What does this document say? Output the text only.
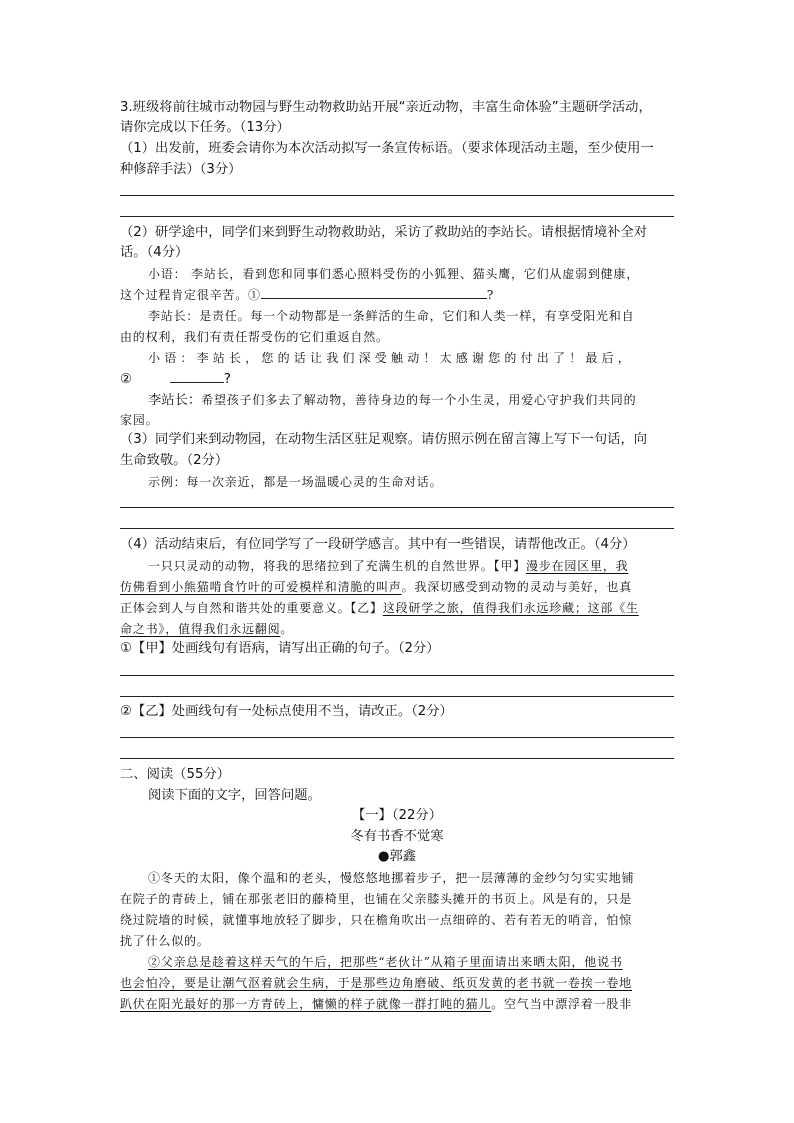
3.班级将前往城市动物园与野生动物救助站开展“亲近动物，丰富生命体验”主题研学活动，
请你完成以下任务。（13分）
（1）出发前，班委会请你为本次活动拟写一条宣传标语。（要求体现活动主题，至少使用一
种修辞手法）（3分）
（2）研学途中，同学们来到野生动物救助站，采访了救助站的李站长。请根据情境补全对
话。（4分）
小语： 李站长，看到您和同事们悉心照料受伤的小狐狸、猫头鹰，它们从虚弱到健康，
这个过程肯定很辛苦。①	?
李站长：是责任。每一个动物都是一条鲜活的生命，它们和人类一样，有享受阳光和自
由的权利，我们有责任帮受伤的它们重返自然。
小语：李站长，您的话让我们深受触动！太感谢您的付出了！最后，
②	?
李站长：希望孩子们多去了解动物，善待身边的每一个小生灵，用爱心守护我们共同的
家园。
（3）同学们来到动物园，在动物生活区驻足观察。请仿照示例在留言簿上写下一句话，向
生命致敬。（2分）
示例：每一次亲近，都是一场温暖心灵的生命对话。
（4）活动结束后，有位同学写了一段研学感言。其中有一些错误，请帮他改正。（4分）
一只只灵动的动物，将我的思绪拉到了充满生机的自然世界。【甲】漫步在园区里，我
仿佛看到小熊猫啃食竹叶的可爱模样和清脆的叫声。我深切感受到动物的灵动与美好，也真
正体会到人与自然和谐共处的重要意义。【乙】这段研学之旅，值得我们永远珍藏；这部《生
命之书》，值得我们永远翻阅。
①【甲】处画线句有语病，请写出正确的句子。（2分）
②【乙】处画线句有一处标点使用不当，请改正。（2分）
二、阅读（55分）
阅读下面的文字，回答问题。
【一】（22分）
冬有书香不觉寒
●郭鑫
①冬天的太阳，像个温和的老头，慢悠悠地挪着步子，把一层薄薄的金纱匀匀实实地铺
在院子的青砖上，铺在那张老旧的藤椅里，也铺在父亲膝头摊开的书页上。风是有的，只是
绕过院墙的时候，就懂事地放轻了脚步，只在檐角吹出一点细碎的、若有若无的哨音，怕惊
扰了什么似的。
②父亲总是趁着这样天气的午后，把那些“老伙计”从箱子里面请出来晒太阳，他说书
也会怕冷，要是让潮气沤着就会生病，于是那些边角磨破、纸页发黄的老书就一卷挨一卷地
趴伏在阳光最好的那一方青砖上，慵懒的样子就像一群打盹的猫儿。空气当中漂浮着一股非
